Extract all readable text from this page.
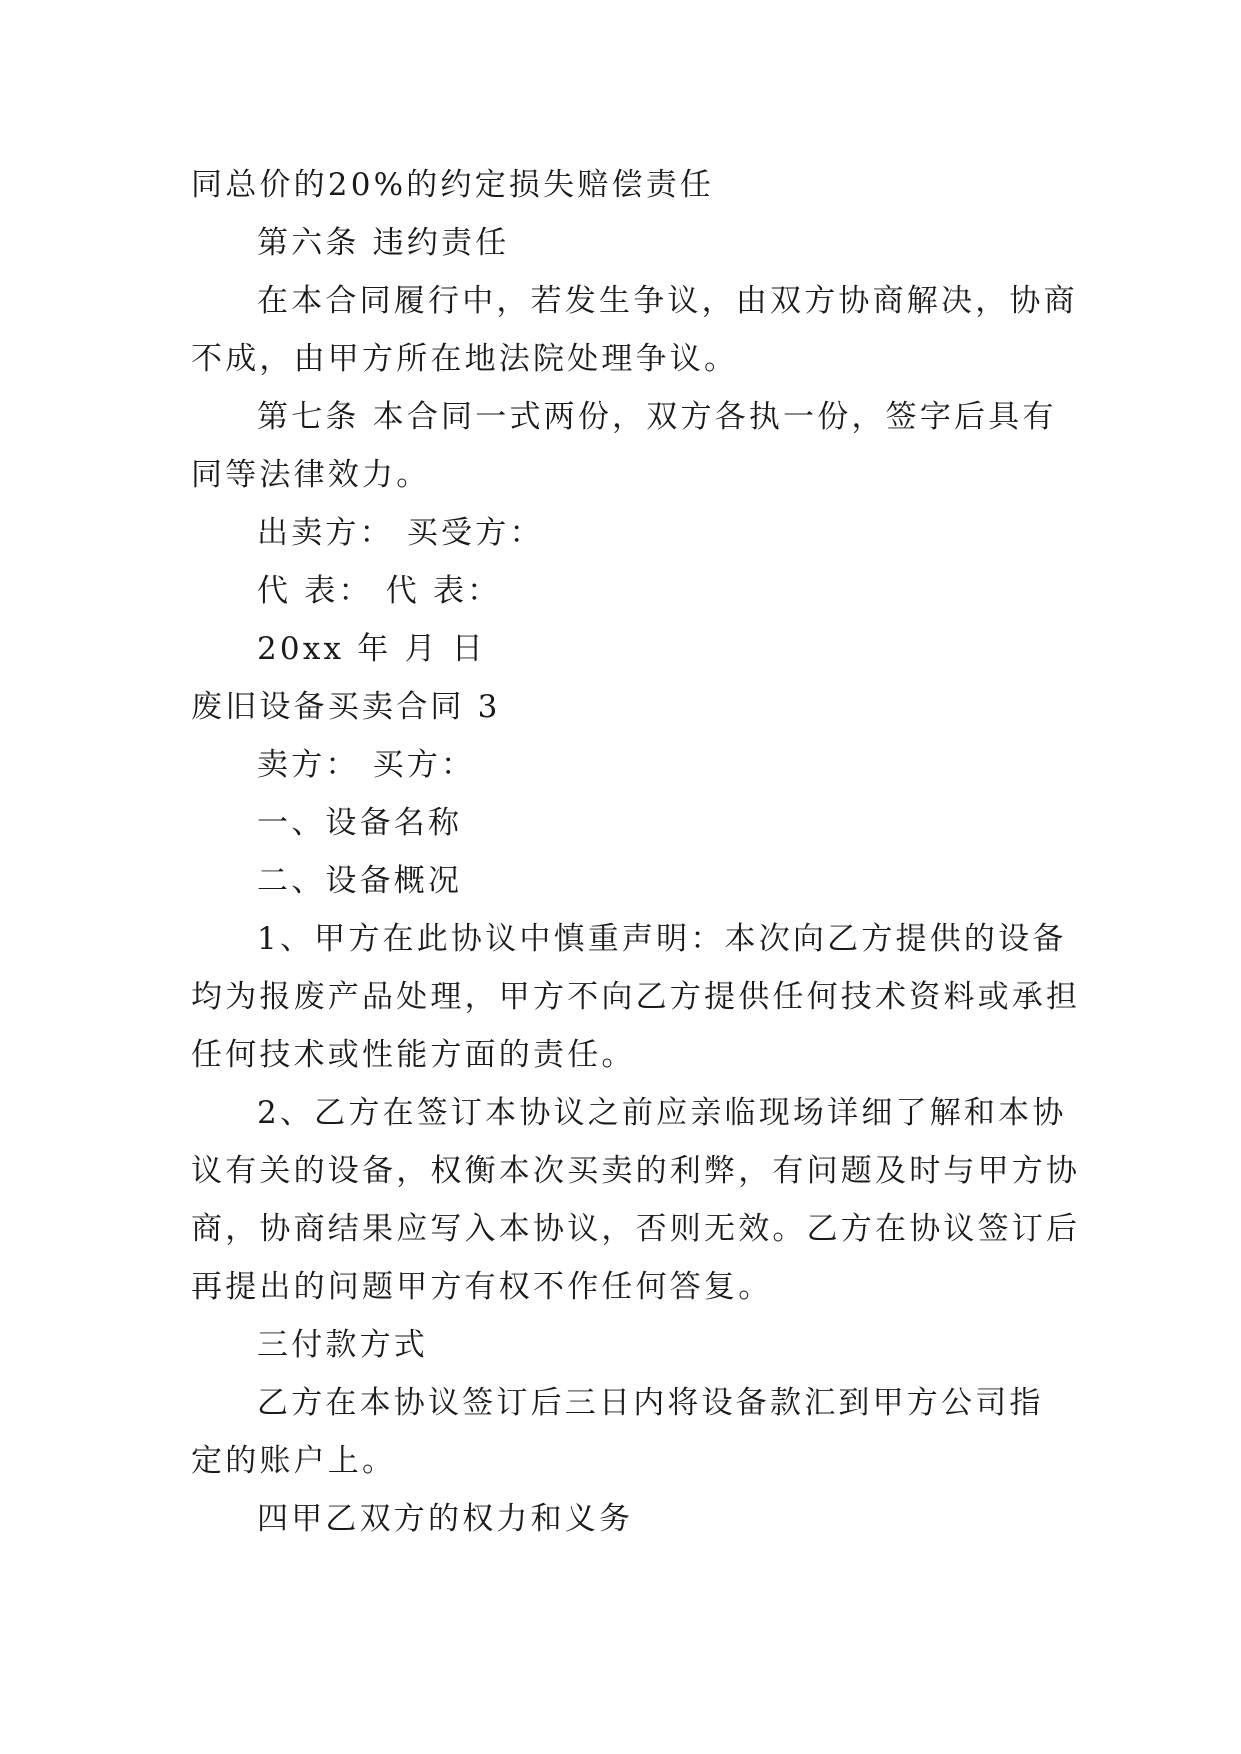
同总价的20%的约定损失赔偿责任
第六条 违约责任
在本合同履行中，若发生争议，由双方协商解决，协商
不成，由甲方所在地法院处理争议。
第七条 本合同一式两份，双方各执一份，签字后具有
同等法律效力。
出卖方： 买受方：
代 表： 代 表：
20xx 年 月 日
废旧设备买卖合同 3
卖方： 买方：
一、设备名称
二、设备概况
1、甲方在此协议中慎重声明：本次向乙方提供的设备
均为报废产品处理，甲方不向乙方提供任何技术资料或承担
任何技术或性能方面的责任。
2、乙方在签订本协议之前应亲临现场详细了解和本协
议有关的设备，权衡本次买卖的利弊，有问题及时与甲方协
商，协商结果应写入本协议，否则无效。乙方在协议签订后
再提出的问题甲方有权不作任何答复。
三付款方式
乙方在本协议签订后三日内将设备款汇到甲方公司指
定的账户上。
四甲乙双方的权力和义务
